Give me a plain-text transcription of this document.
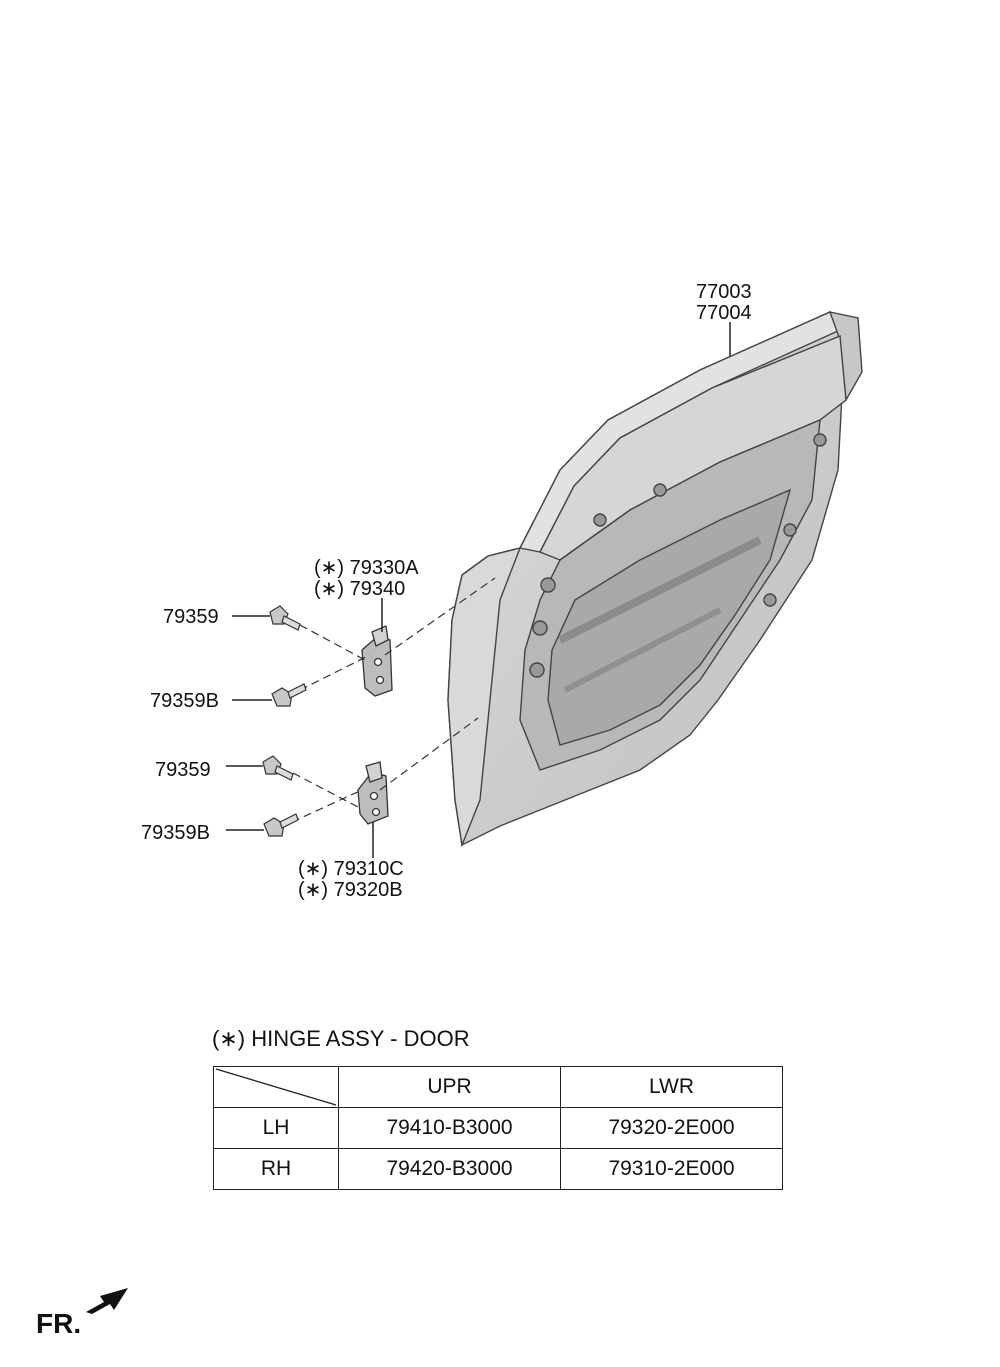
77003
77004
(∗) 79330A
(∗) 79340
(∗) 79310C
(∗) 79320B
79359
79359B
79359
79359B
(∗) HINGE ASSY - DOOR
	UPR	LWR
LH	79410-B3000	79320-2E000
RH	79420-B3000	79310-2E000
FR.
